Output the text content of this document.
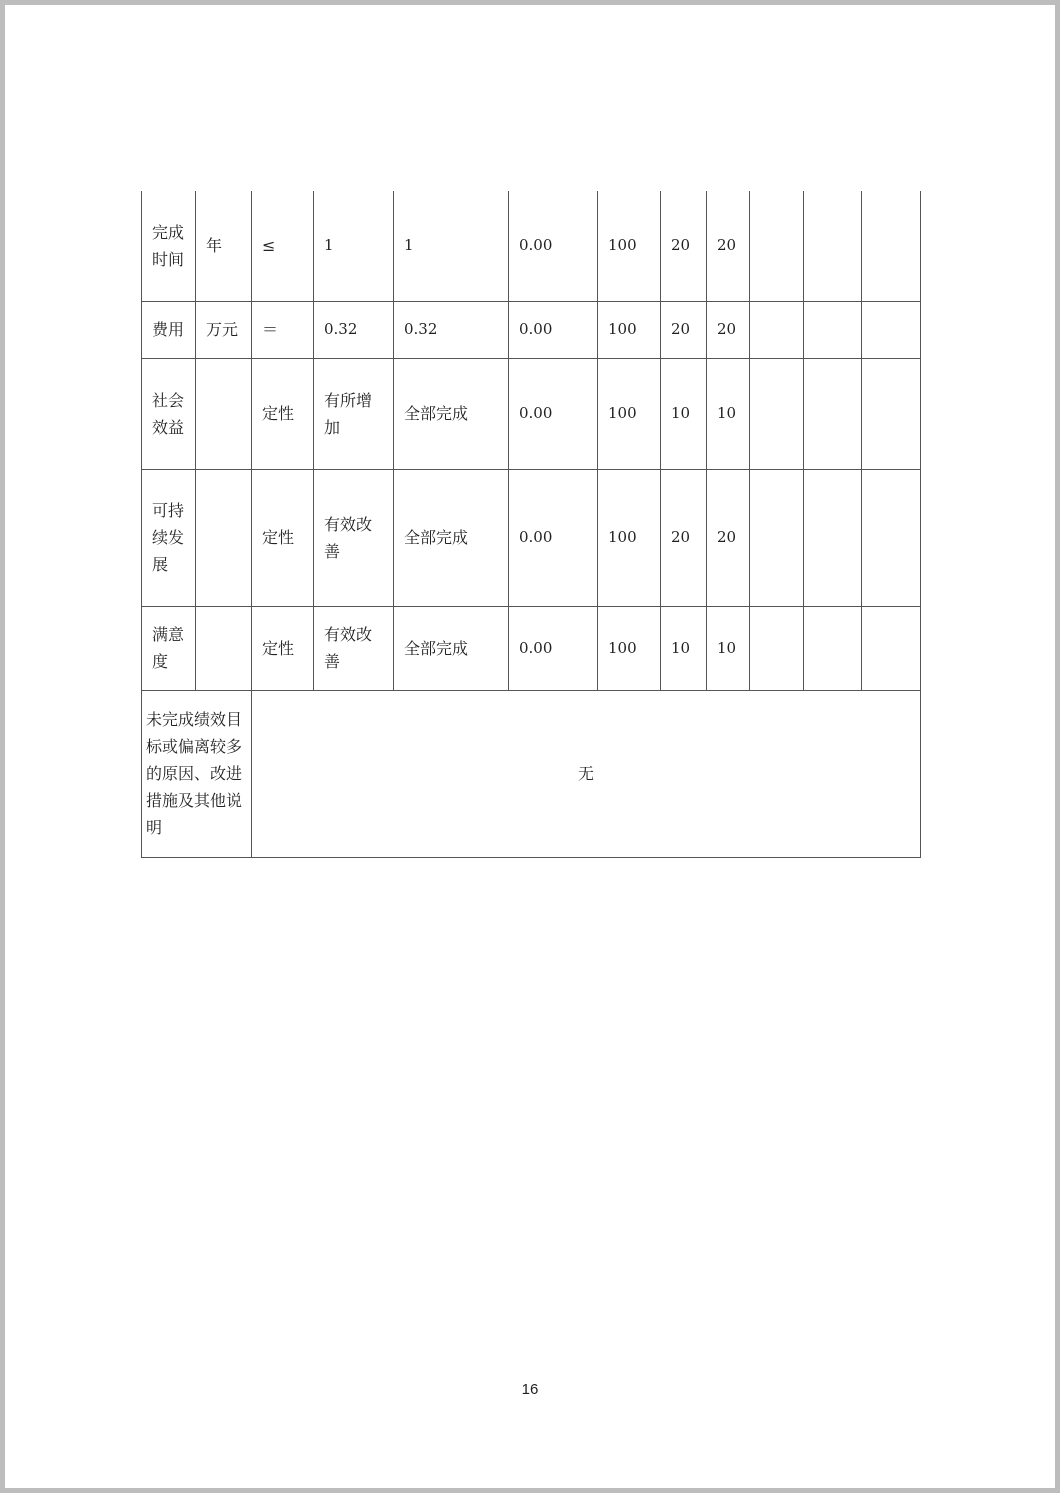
完成时间	年	≤	1	1	0.00	100	20	20			
费用	万元	＝	0.32	0.32	0.00	100	20	20			
社会效益		定性	有所增加	全部完成	0.00	100	10	10			
可持续发展		定性	有效改善	全部完成	0.00	100	20	20			
满意度		定性	有效改善	全部完成	0.00	100	10	10			
未完成绩效目标或偏离较多的原因、改进措施及其他说明		无									
16
